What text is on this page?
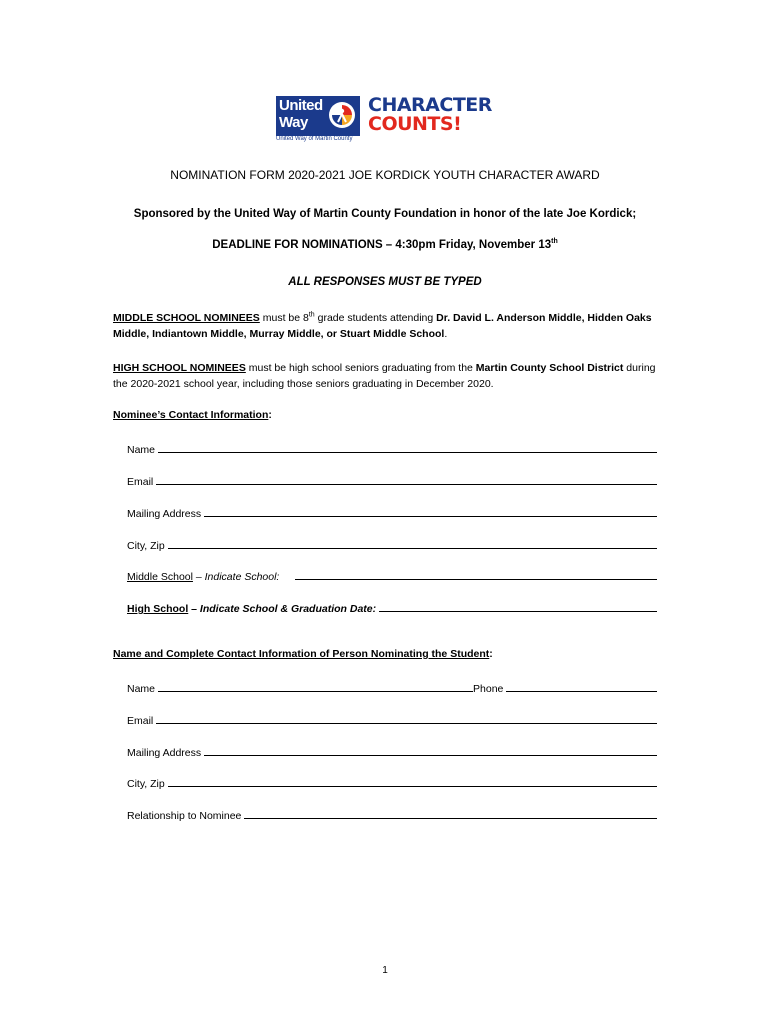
United
Way
United Way of Martin County
CHARACTER
COUNTS!
NOMINATION FORM 2020-2021 JOE KORDICK YOUTH CHARACTER AWARD
Sponsored by the United Way of Martin County Foundation in honor of the late Joe Kordick;
DEADLINE FOR NOMINATIONS – 4:30pm Friday, November 13th
ALL RESPONSES MUST BE TYPED
MIDDLE SCHOOL NOMINEES must be 8th grade students attending Dr. David L. Anderson Middle, Hidden Oaks Middle, Indiantown Middle, Murray Middle, or Stuart Middle School.
HIGH SCHOOL NOMINEES must be high school seniors graduating from the Martin County School District during the 2020-2021 school year, including those seniors graduating in December 2020.
Nominee’s Contact Information:
Name
Email
Mailing Address
City, Zip
Middle School – Indicate School:
High School – Indicate School & Graduation Date:
Name and Complete Contact Information of Person Nominating the Student:
Name	Phone
Email
Mailing Address
City, Zip
Relationship to Nominee
1
